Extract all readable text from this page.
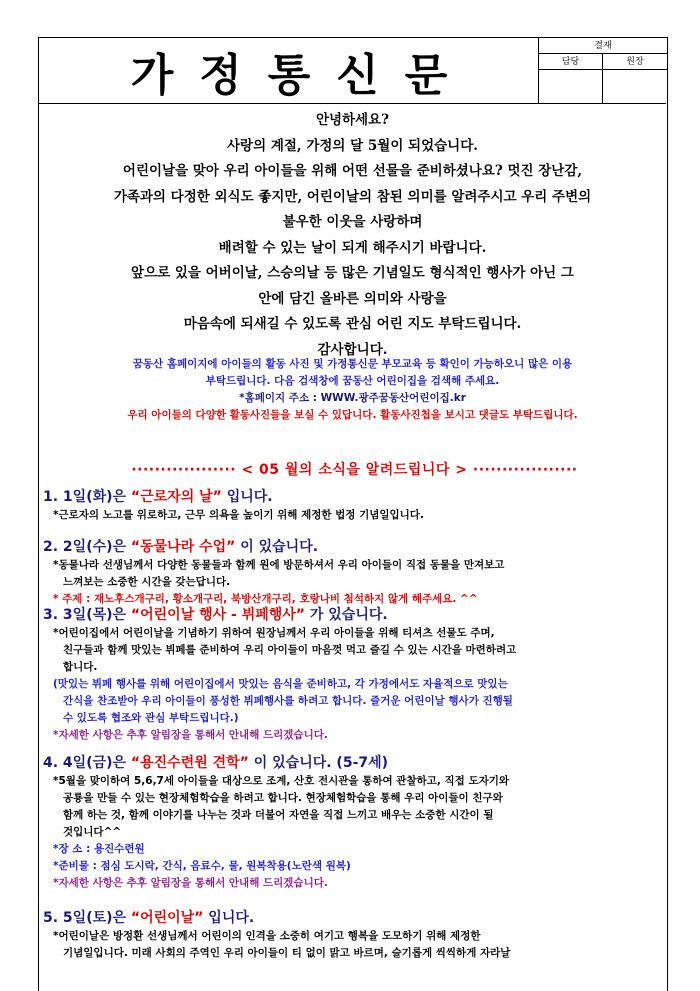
가정통신문
결재
담당	원장
안녕하세요?
사랑의 계절, 가정의 달 5월이 되었습니다.
어린이날을 맞아 우리 아이들을 위해 어떤 선물을 준비하셨나요? 멋진 장난감,
가족과의 다정한 외식도 좋지만, 어린이날의 참된 의미를 알려주시고 우리 주변의
불우한 이웃을 사랑하며
배려할 수 있는 날이 되게 해주시기 바랍니다.
앞으로 있을 어버이날, 스승의날 등 많은 기념일도 형식적인 행사가 아닌 그
안에 담긴 올바른 의미와 사랑을
마음속에 되새길 수 있도록 관심 어린 지도 부탁드립니다.
감사합니다.
꿈동산 홈페이지에 아이들의 활동 사진 및 가정통신문 부모교육 등 확인이 가능하오니 많은 이용
부탁드립니다. 다음 검색창에 꿈동산 어린이집을 검색해 주세요.
*홈페이지 주소 : WWW.광주꿈동산어린이집.kr
우리 아이들의 다양한 활동사진들을 보실 수 있답니다. 활동사진첩을 보시고 댓글도 부탁드립니다.
·················· < 05 월의 소식을 알려드립니다 > ··················
1. 1일(화)은 “근로자의 날” 입니다.
*근로자의 노고를 위로하고, 근무 의욕을 높이기 위해 제정한 법정 기념일입니다.
2. 2일(수)은 “동물나라 수업” 이 있습니다.
*동물나라 선생님께서 다양한 동물들과 함께 원에 방문하셔서 우리 아이들이 직접 동물을 만져보고
느껴보는 소중한 시간을 갖는답니다.
* 주제 : 재노후스개구리, 황소개구리, 북방산개구리, 호랑나비 첨석하지 않게 해주세요. ^^
3. 3일(목)은 “어린이날 행사 - 뷔페행사” 가 있습니다.
*어린이집에서 어린이날을 기념하기 위하여 원장님께서 우리 아이들을 위해 티셔츠 선물도 주며,
친구들과 함께 맛있는 뷔페를 준비하여 우리 아이들이 마음껏 먹고 즐길 수 있는 시간을 마련하려고
합니다.
(맛있는 뷔페 행사를 위해 어린이집에서 맛있는 음식을 준비하고, 각 가정에서도 자율적으로 맛있는
간식을 찬조받아 우리 아이들이 풍성한 뷔페행사를 하려고 합니다. 즐거운 어린이날 행사가 진행될
수 있도록 협조와 관심 부탁드립니다.)
*자세한 사항은 추후 알림장을 통해서 안내해 드리겠습니다.
4. 4일(금)은 “용진수련원 견학” 이 있습니다. (5-7세)
*5월을 맞이하여 5,6,7세 아이들을 대상으로 조계, 산호 전시관을 통하여 관찰하고, 직접 도자기와
공룡을 만들 수 있는 현장체험학습을 하려고 합니다. 현장체험학습을 통해 우리 아이들이 친구와
함께 하는 것, 함께 이야기를 나누는 것과 더불어 자연을 직접 느끼고 배우는 소중한 시간이 될
것입니다^^
*장 소 : 용진수련원
*준비물 : 점심 도시락, 간식, 음료수, 물, 원복착용(노란색 원복)
*자세한 사항은 추후 알림장을 통해서 안내해 드리겠습니다.
5. 5일(토)은 “어린이날” 입니다.
*어린이날은 방정환 선생님께서 어린이의 인격을 소중히 여기고 행복을 도모하기 위해 제정한
기념일입니다. 미래 사회의 주역인 우리 아이들이 티 없이 맑고 바르며, 슬기롭게 씩씩하게 자라날
